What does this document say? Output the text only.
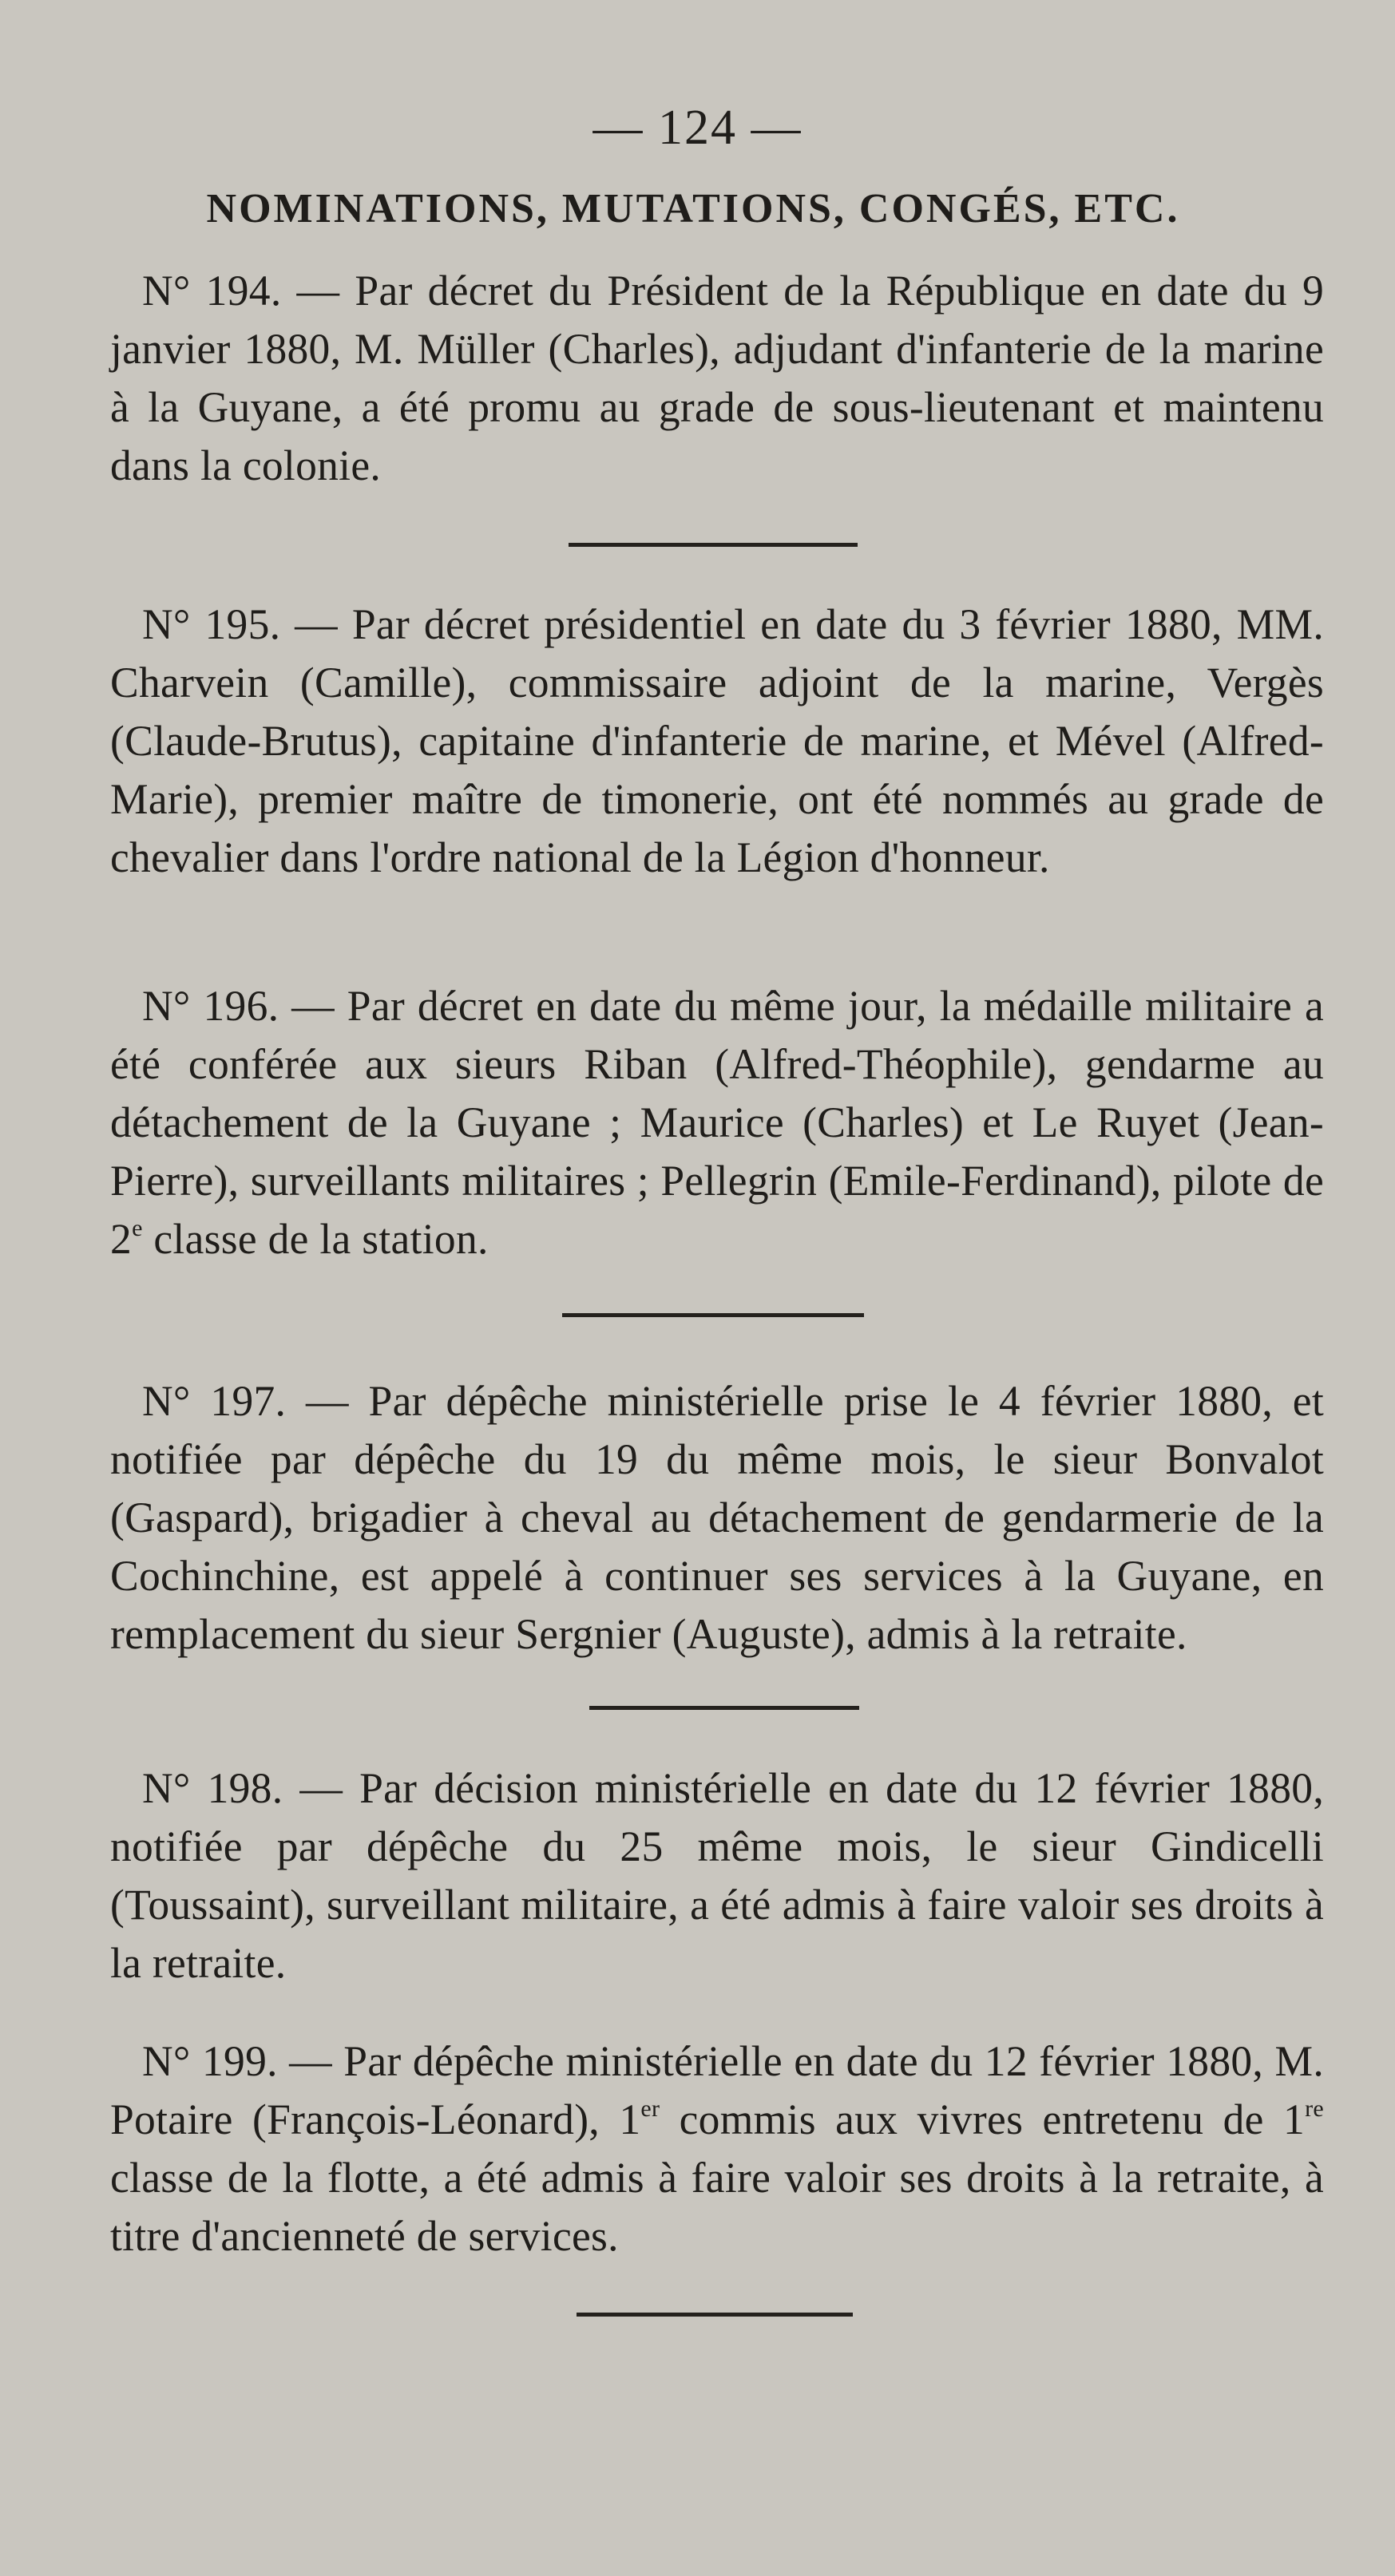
— 124 —
NOMINATIONS, MUTATIONS, CONGÉS, ETC.

N° 194. — Par décret du Président de la République en date du 9 janvier 1880, M. Müller (Charles), adjudant d'infanterie de la marine à la Guyane, a été promu au grade de sous-lieutenant et maintenu dans la colonie.

N° 195. — Par décret présidentiel en date du 3 février 1880, MM. Charvein (Camille), commissaire adjoint de la marine, Vergès (Claude-Brutus), capitaine d'infanterie de marine, et Mével (Alfred-Marie), premier maître de timonerie, ont été nommés au grade de chevalier dans l'ordre national de la Légion d'honneur.

N° 196. — Par décret en date du même jour, la médaille militaire a été conférée aux sieurs Riban (Alfred-Théophile), gendarme au détachement de la Guyane ; Maurice (Charles) et Le Ruyet (Jean-Pierre), surveillants militaires ; Pellegrin (Emile-Ferdinand), pilote de 2e classe de la station.

N° 197. — Par dépêche ministérielle prise le 4 février 1880, et notifiée par dépêche du 19 du même mois, le sieur Bonvalot (Gaspard), brigadier à cheval au détachement de gendarmerie de la Cochinchine, est appelé à continuer ses services à la Guyane, en remplacement du sieur Sergnier (Auguste), admis à la retraite.

N° 198. — Par décision ministérielle en date du 12 février 1880, notifiée par dépêche du 25 même mois, le sieur Gindicelli (Toussaint), surveillant militaire, a été admis à faire valoir ses droits à la retraite.

N° 199. — Par dépêche ministérielle en date du 12 février 1880, M. Potaire (François-Léonard), 1er commis aux vivres entretenu de 1re classe de la flotte, a été admis à faire valoir ses droits à la retraite, à titre d'ancienneté de services.
